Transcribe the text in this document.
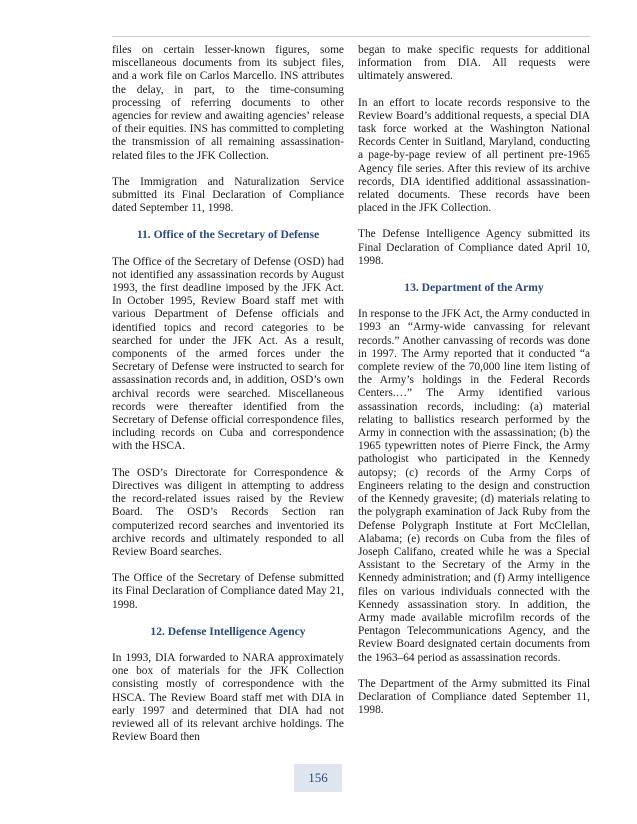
files on certain lesser-known figures, some miscellaneous documents from its subject files, and a work file on Carlos Marcello. INS attributes the delay, in part, to the time-consuming processing of referring documents to other agencies for review and awaiting agencies’ release of their equities. INS has committed to completing the transmission of all remaining assassination-related files to the JFK Collection.

The Immigration and Naturalization Service submitted its Final Declaration of Compliance dated September 11, 1998.

11. Office of the Secretary of Defense

The Office of the Secretary of Defense (OSD) had not identified any assassination records by August 1993, the first deadline imposed by the JFK Act. In October 1995, Review Board staff met with various Department of Defense officials and identified topics and record categories to be searched for under the JFK Act. As a result, components of the armed forces under the Secretary of Defense were instructed to search for assassination records and, in addition, OSD’s own archival records were searched. Miscellaneous records were thereafter identified from the Secretary of Defense official correspondence files, including records on Cuba and correspondence with the HSCA.

The OSD’s Directorate for Correspondence & Directives was diligent in attempting to address the record-related issues raised by the Review Board. The OSD’s Records Section ran computerized record searches and inventoried its archive records and ultimately responded to all Review Board searches.

The Office of the Secretary of Defense submitted its Final Declaration of Compliance dated May 21, 1998.

12. Defense Intelligence Agency

In 1993, DIA forwarded to NARA approximately one box of materials for the JFK Collection consisting mostly of correspondence with the HSCA. The Review Board staff met with DIA in early 1997 and determined that DIA had not reviewed all of its relevant archive holdings. The Review Board then

began to make specific requests for additional information from DIA. All requests were ultimately answered.

In an effort to locate records responsive to the Review Board’s additional requests, a special DIA task force worked at the Washington National Records Center in Suitland, Maryland, conducting a page-by-page review of all pertinent pre-1965 Agency file series. After this review of its archive records, DIA identified additional assassination-related documents. These records have been placed in the JFK Collection.

The Defense Intelligence Agency submitted its Final Declaration of Compliance dated April 10, 1998.

13. Department of the Army

In response to the JFK Act, the Army conducted in 1993 an “Army-wide canvassing for relevant records.” Another canvassing of records was done in 1997. The Army reported that it conducted “a complete review of the 70,000 line item listing of the Army’s holdings in the Federal Records Centers.…” The Army identified various assassination records, including: (a) material relating to ballistics research performed by the Army in connection with the assassination; (b) the 1965 typewritten notes of Pierre Finck, the Army pathologist who participated in the Kennedy autopsy; (c) records of the Army Corps of Engineers relating to the design and construction of the Kennedy gravesite; (d) materials relating to the polygraph examination of Jack Ruby from the Defense Polygraph Institute at Fort McClellan, Alabama; (e) records on Cuba from the files of Joseph Califano, created while he was a Special Assistant to the Secretary of the Army in the Kennedy administration; and (f) Army intelligence files on various individuals connected with the Kennedy assassination story. In addition, the Army made available microfilm records of the Pentagon Telecommunications Agency, and the Review Board designated certain documents from the 1963–64 period as assassination records.

The Department of the Army submitted its Final Declaration of Compliance dated September 11, 1998.

156
